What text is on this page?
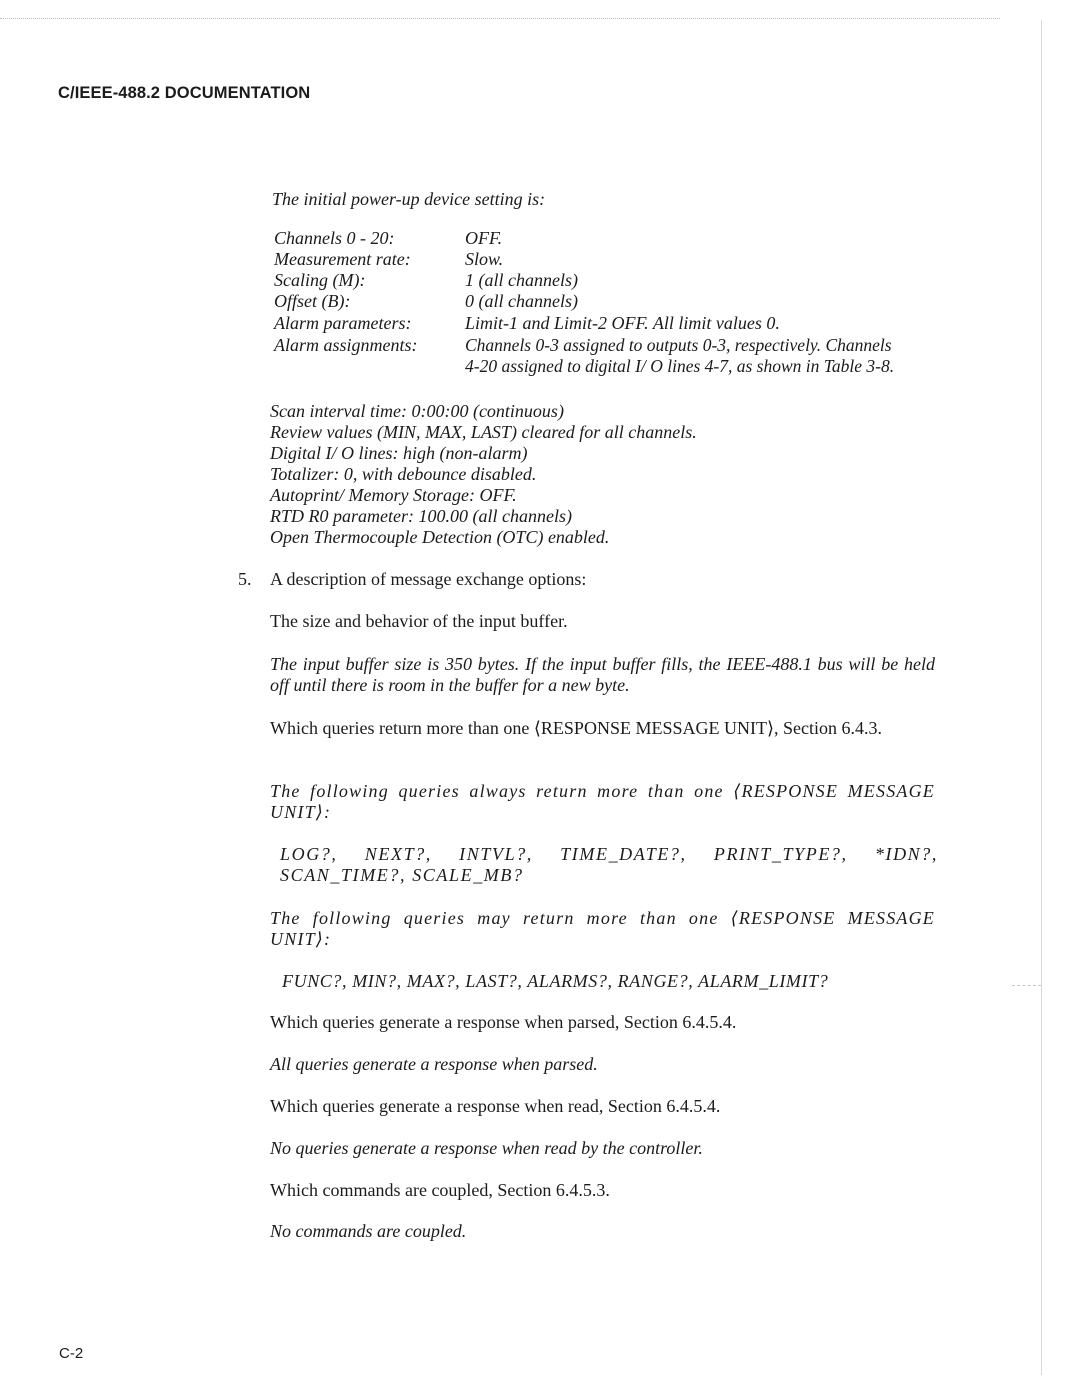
C/IEEE-488.2 DOCUMENTATION
The initial power-up device setting is:
Channels 0 - 20:	OFF.
Measurement rate:	Slow.
Scaling (M):	1 (all channels)
Offset (B):	0 (all channels)
Alarm parameters:	Limit-1 and Limit-2 OFF. All limit values 0.
Alarm assignments:	Channels 0-3 assigned to outputs 0-3, respectively. Channels
4-20 assigned to digital I/ O lines 4-7, as shown in Table 3-8.
Scan interval time: 0:00:00 (continuous)
Review values (MIN, MAX, LAST) cleared for all channels.
Digital I/ O lines: high (non-alarm)
Totalizer: 0, with debounce disabled.
Autoprint/ Memory Storage: OFF.
RTD R0 parameter: 100.00 (all channels)
Open Thermocouple Detection (OTC) enabled.
5. A description of message exchange options:
The size and behavior of the input buffer.
The input buffer size is 350 bytes. If the input buffer fills, the IEEE-488.1 bus will be held off until there is room in the buffer for a new byte.
Which queries return more than one ⟨RESPONSE MESSAGE UNIT⟩, Section 6.4.3.
The following queries always return more than one ⟨RESPONSE MESSAGE UNIT⟩:
LOG?, NEXT?, INTVL?, TIME_DATE?, PRINT_TYPE?, *IDN?, SCAN_TIME?, SCALE_MB?
The following queries may return more than one ⟨RESPONSE MESSAGE UNIT⟩:
FUNC?, MIN?, MAX?, LAST?, ALARMS?, RANGE?, ALARM_LIMIT?
Which queries generate a response when parsed, Section 6.4.5.4.
All queries generate a response when parsed.
Which queries generate a response when read, Section 6.4.5.4.
No queries generate a response when read by the controller.
Which commands are coupled, Section 6.4.5.3.
No commands are coupled.
C-2
